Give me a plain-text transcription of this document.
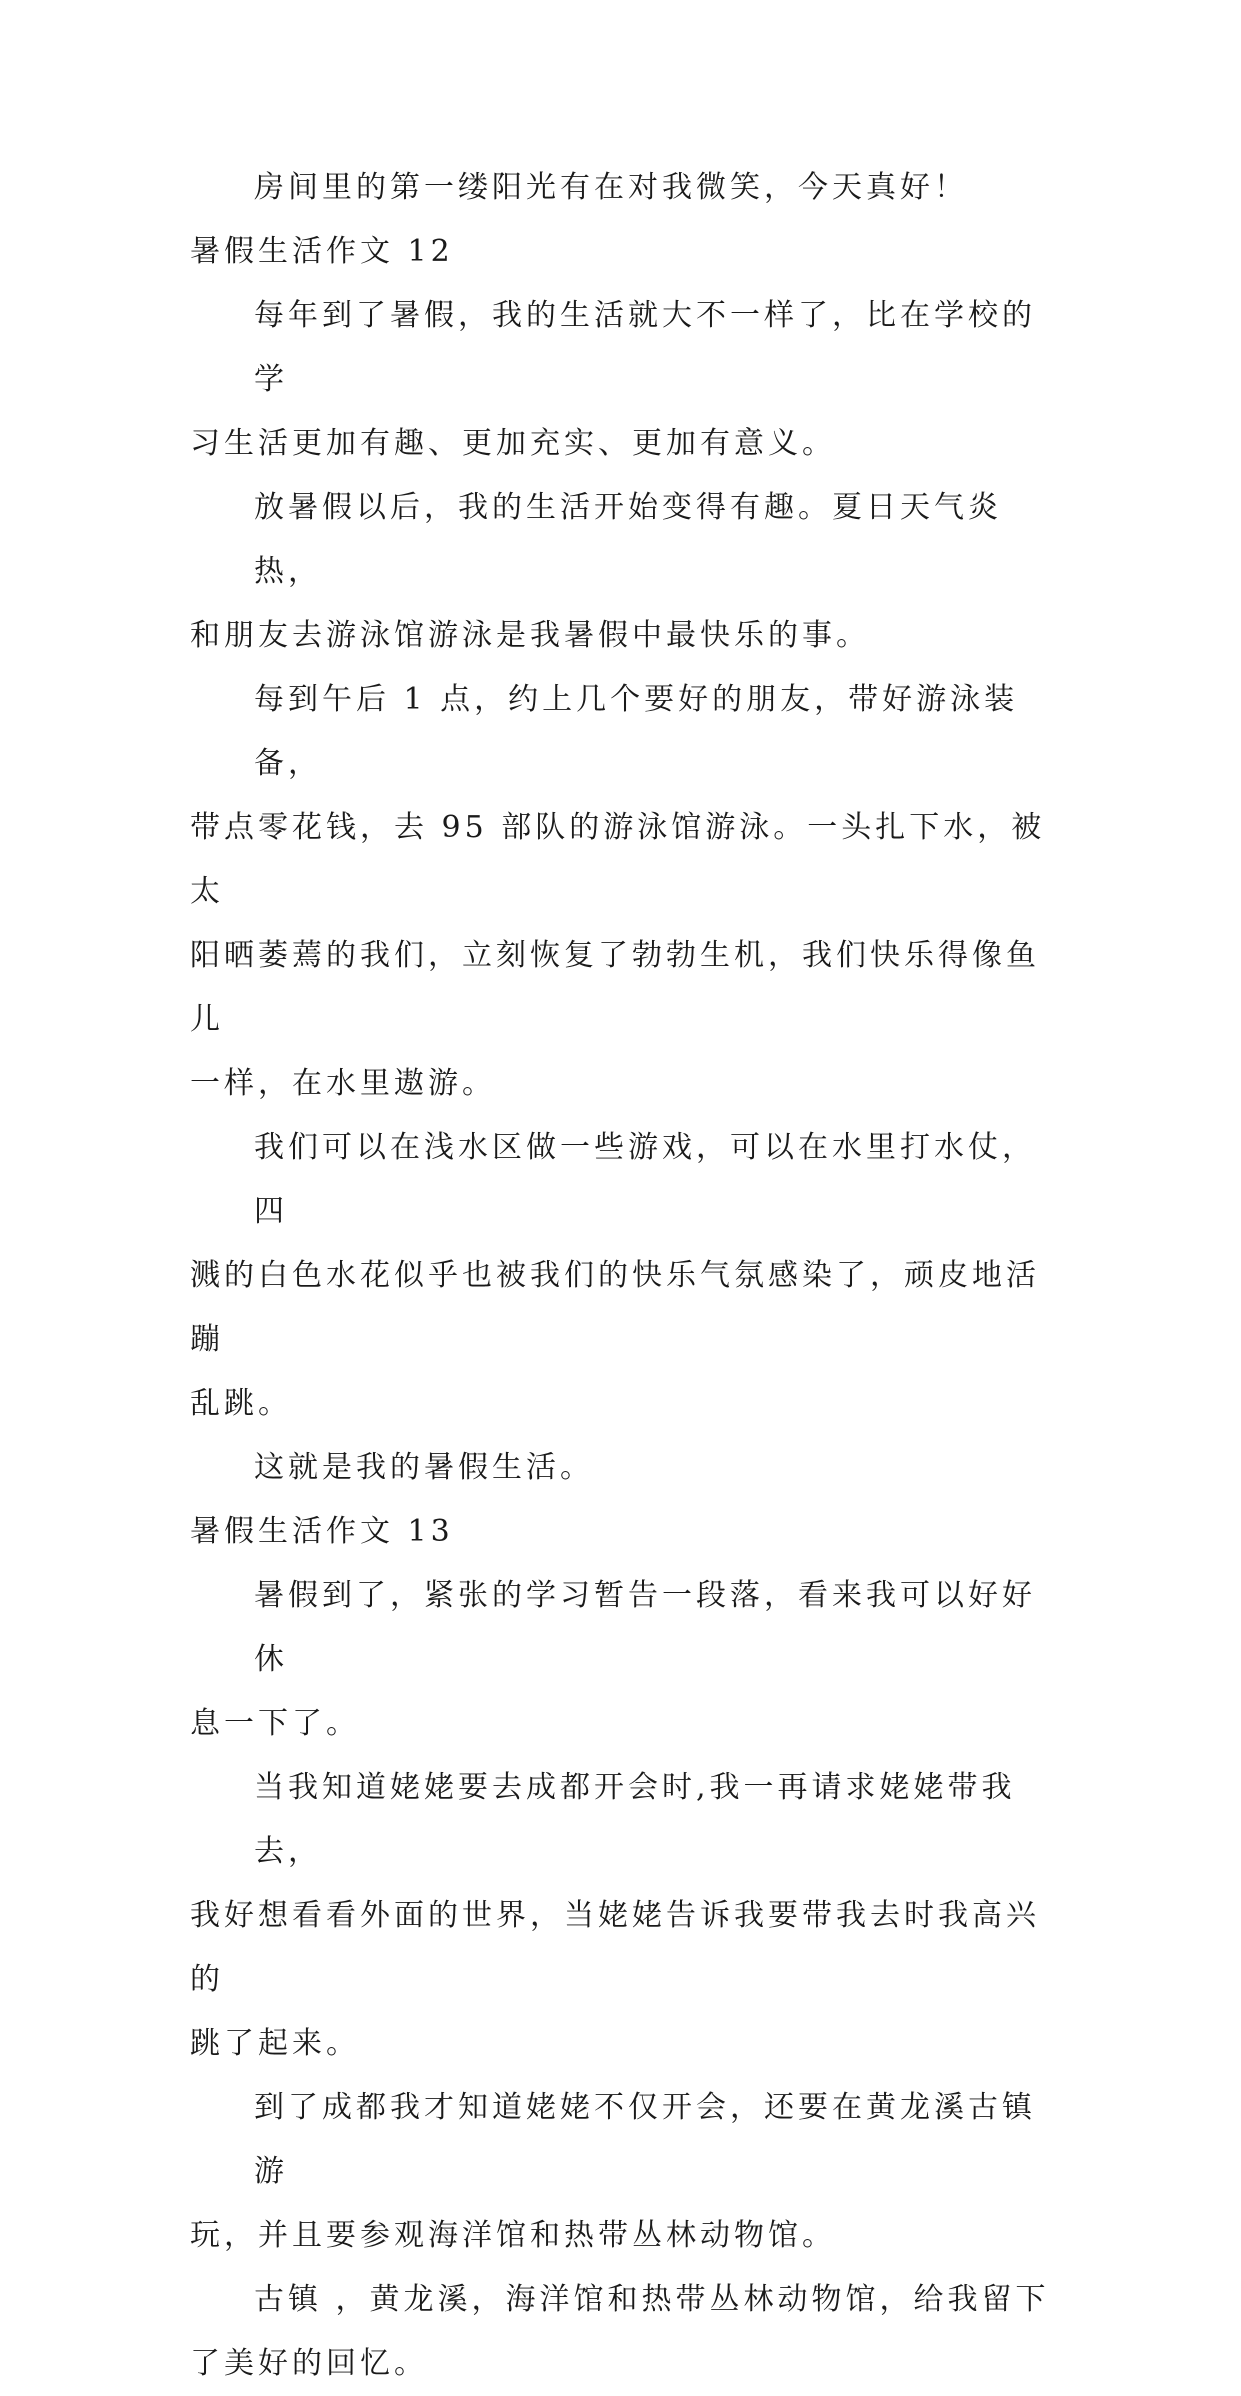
房间里的第一缕阳光有在对我微笑，今天真好！

暑假生活作文 12

每年到了暑假，我的生活就大不一样了，比在学校的学
习生活更加有趣、更加充实、更加有意义。

放暑假以后，我的生活开始变得有趣。夏日天气炎热，
和朋友去游泳馆游泳是我暑假中最快乐的事。

每到午后 1 点，约上几个要好的朋友，带好游泳装备，
带点零花钱，去 95 部队的游泳馆游泳。一头扎下水，被太
阳晒萎蔫的我们，立刻恢复了勃勃生机，我们快乐得像鱼儿
一样，在水里遨游。

我们可以在浅水区做一些游戏，可以在水里打水仗，四
溅的白色水花似乎也被我们的快乐气氛感染了，顽皮地活蹦
乱跳。

这就是我的暑假生活。

暑假生活作文 13

暑假到了，紧张的学习暂告一段落，看来我可以好好休
息一下了。

当我知道姥姥要去成都开会时,我一再请求姥姥带我去，
我好想看看外面的世界，当姥姥告诉我要带我去时我高兴的
跳了起来。

到了成都我才知道姥姥不仅开会，还要在黄龙溪古镇游
玩，并且要参观海洋馆和热带丛林动物馆。

古镇 ，黄龙溪，海洋馆和热带丛林动物馆，给我留下
了美好的回忆。
